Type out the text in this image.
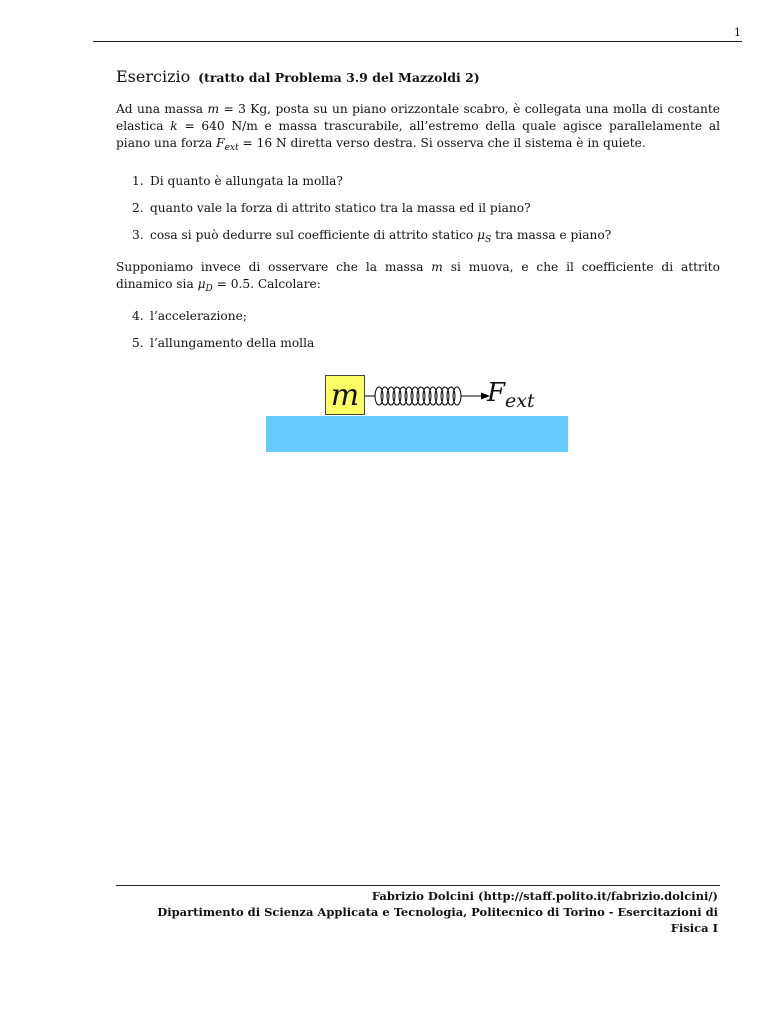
1
Esercizio (tratto dal Problema 3.9 del Mazzoldi 2)

Ad una massa m = 3 Kg, posta su un piano orizzontale scabro, è collegata una molla di costante elastica k = 640 N/m e massa trascurabile, all’estremo della quale agisce parallelamente al piano una forza $F_{ext} = 16$ N diretta verso destra. Si osserva che il sistema è in quiete.

1. Di quanto è allungata la molla?
2. quanto vale la forza di attrito statico tra la massa ed il piano?
3. cosa si può dedurre sul coefficiente di attrito statico $\mu_S$ tra massa e piano?

Supponiamo invece di osservare che la massa m si muova, e che il coefficiente di attrito dinamico sia $\mu_D = 0.5$. Calcolare:

4. l’accelerazione;
5. l’allungamento della molla
m	$F_{ext}$
Fabrizio Dolcini (http://staff.polito.it/fabrizio.dolcini/)
Dipartimento di Scienza Applicata e Tecnologia, Politecnico di Torino - Esercitazioni di
Fisica I
